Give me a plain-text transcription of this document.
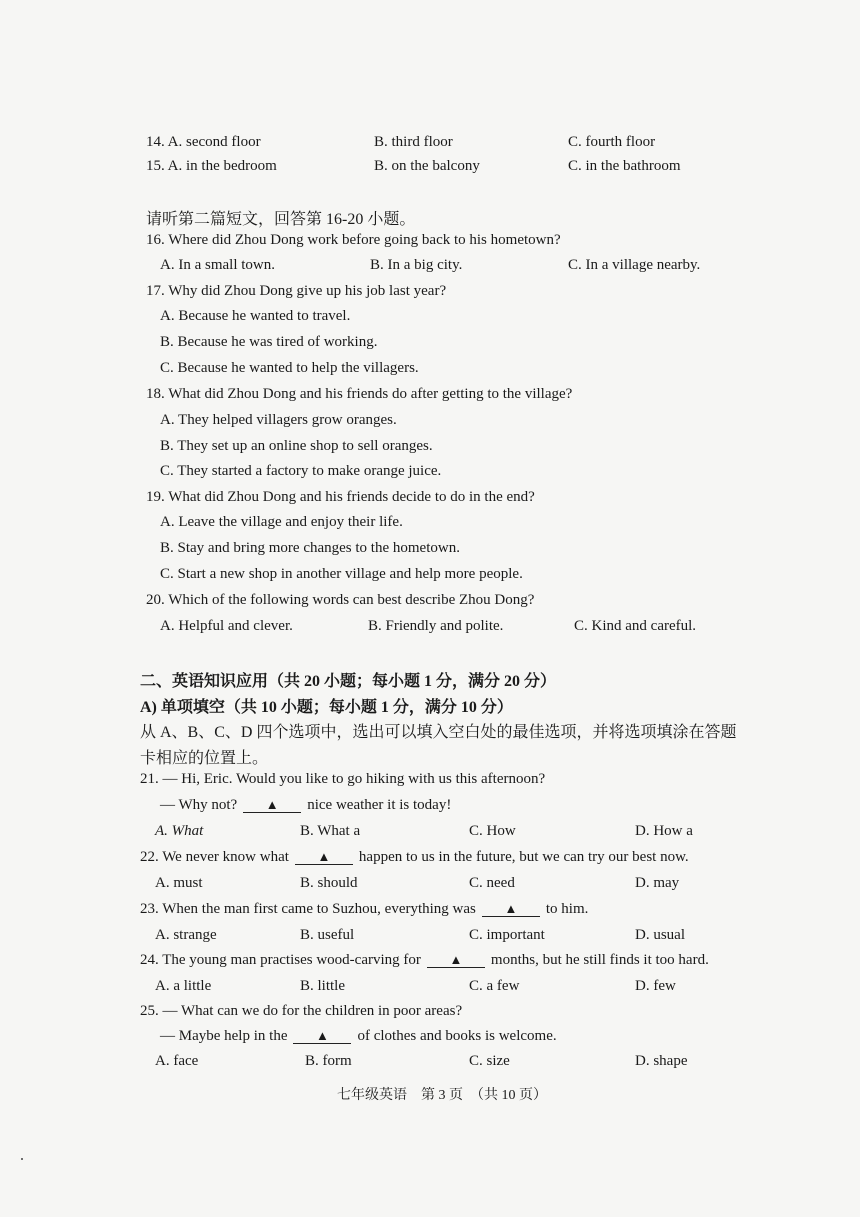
14. A. second floor	B. third floor	C. fourth floor
15. A. in the bedroom	B. on the balcony	C. in the bathroom
请听第二篇短文，回答第 16-20 小题。
16. Where did Zhou Dong work before going back to his hometown?
A. In a small town.	B. In a big city.	C. In a village nearby.
17. Why did Zhou Dong give up his job last year?
A. Because he wanted to travel.
B. Because he was tired of working.
C. Because he wanted to help the villagers.
18. What did Zhou Dong and his friends do after getting to the village?
A. They helped villagers grow oranges.
B. They set up an online shop to sell oranges.
C. They started a factory to make orange juice.
19. What did Zhou Dong and his friends decide to do in the end?
A. Leave the village and enjoy their life.
B. Stay and bring more changes to the hometown.
C. Start a new shop in another village and help more people.
20. Which of the following words can best describe Zhou Dong?
A. Helpful and clever.	B. Friendly and polite.	C. Kind and careful.
二、英语知识应用（共 20 小题；每小题 1 分，满分 20 分）
A) 单项填空（共 10 小题；每小题 1 分，满分 10 分）
从 A、B、C、D 四个选项中，选出可以填入空白处的最佳选项，并将选项填涂在答题
卡相应的位置上。
21. — Hi, Eric. Would you like to go hiking with us this afternoon?
— Why not? ▲ nice weather it is today!
A. What	B. What a	C. How	D. How a
22. We never know what ▲ happen to us in the future, but we can try our best now.
A. must	B. should	C. need	D. may
23. When the man first came to Suzhou, everything was ▲ to him.
A. strange	B. useful	C. important	D. usual
24. The young man practises wood-carving for ▲ months, but he still finds it too hard.
A. a little	B. little	C. a few	D. few
25. — What can we do for the children in poor areas?
— Maybe help in the ▲ of clothes and books is welcome.
A. face	B. form	C. size	D. shape
七年级英语　第 3 页　（共 10 页）
